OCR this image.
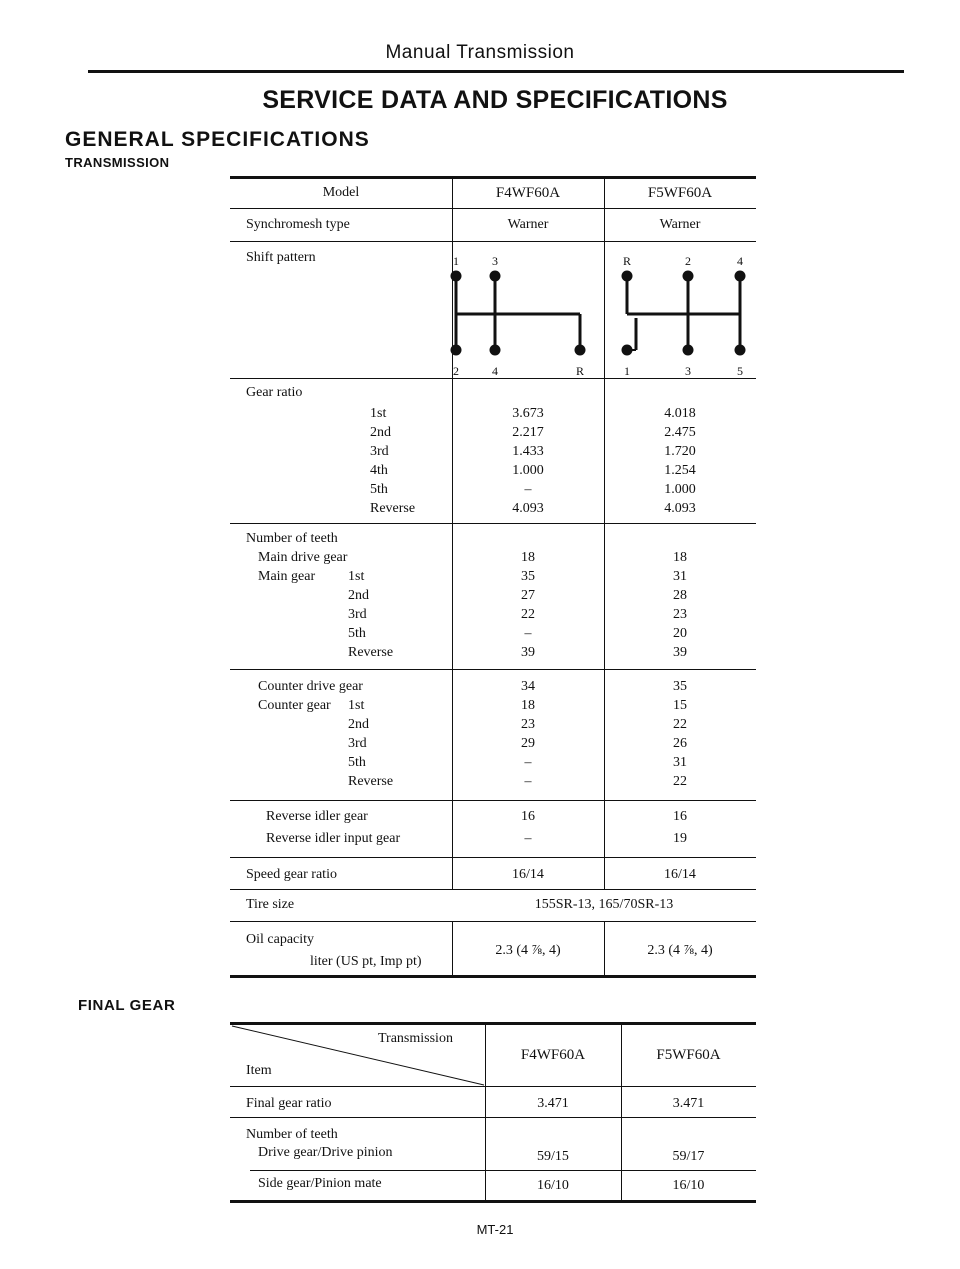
Manual Transmission
SERVICE DATA AND SPECIFICATIONS
GENERAL SPECIFICATIONS
TRANSMISSION
FINAL GEAR
Model	F4WF60A	F5WF60A
Synchromesh type	Warner	Warner
Shift pattern	1	3
2	4	R
R	2	4
1	3	5
Gear ratio
1st	3.673	4.018
2nd	2.217	2.475
3rd	1.433	1.720
4th	1.000	1.254
5th	–	1.000
Reverse	4.093	4.093
Number of teeth
Main drive gear	18	18
Main gear 1st	35	31
2nd	27	28
3rd	22	23
5th	–	20
Reverse	39	39
Counter drive gear	34	35
Counter gear 1st	18	15
2nd	23	22
3rd	29	26
5th	–	31
Reverse	–	22
Reverse idler gear	16	16
Reverse idler input gear	–	19
Speed gear ratio	16/14	16/14
Tire size	155SR-13, 165/70SR-13
Oil capacity
liter (US pt, Imp pt)
2.3 (4 ⅞, 4)	2.3 (4 ⅞, 4)
Transmission
Item
F4WF60A	F5WF60A
Final gear ratio	3.471	3.471
Number of teeth
Drive gear/Drive pinion	59/15	59/17
Side gear/Pinion mate	16/10	16/10
MT-21
